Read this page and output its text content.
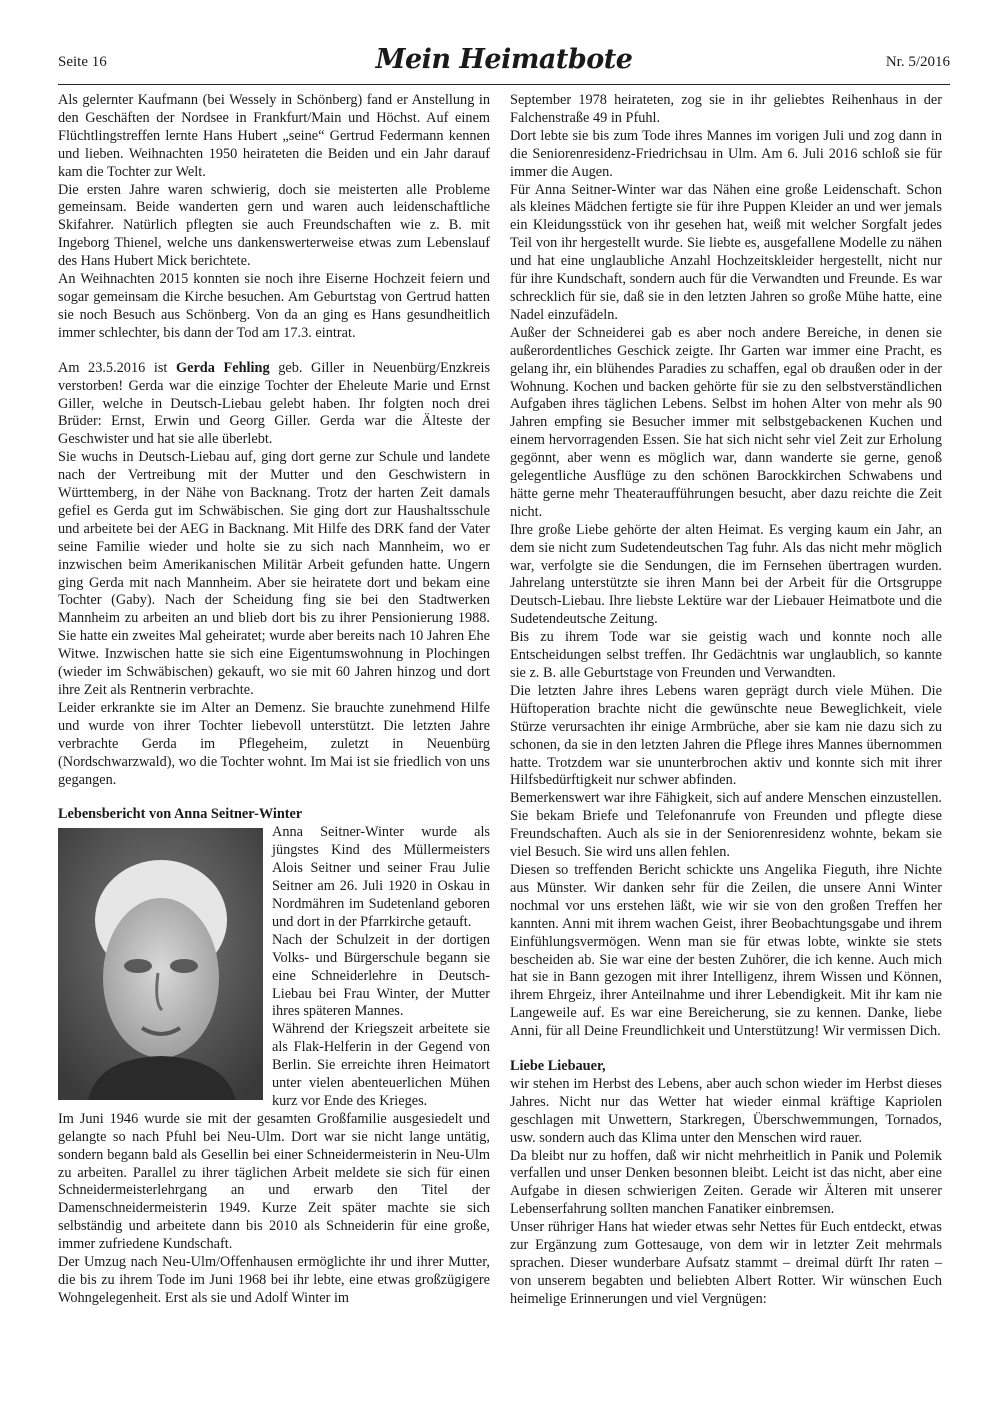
Seite 16	Mein Heimatbote	Nr. 5/2016

Als gelernter Kaufmann (bei Wessely in Schönberg) fand er Anstellung in den Geschäften der Nordsee in Frankfurt/Main und Höchst. Auf einem Flüchtlingstreffen lernte Hans Hubert „seine“ Gertrud Federmann kennen und lieben. Weihnachten 1950 heirateten die Beiden und ein Jahr darauf kam die Tochter zur Welt.

Die ersten Jahre waren schwierig, doch sie meisterten alle Probleme gemeinsam. Beide wanderten gern und waren auch leidenschaftliche Skifahrer. Natürlich pflegten sie auch Freundschaften wie z. B. mit Ingeborg Thienel, welche uns dankenswerterweise etwas zum Lebenslauf des Hans Hubert Mick berichtete.

An Weihnachten 2015 konnten sie noch ihre Eiserne Hochzeit feiern und sogar gemeinsam die Kirche besuchen. Am Geburtstag von Gertrud hatten sie noch Besuch aus Schönberg. Von da an ging es Hans gesundheitlich immer schlechter, bis dann der Tod am 17.3. eintrat.

Am 23.5.2016 ist Gerda Fehling geb. Giller in Neuenbürg/Enzkreis verstorben! Gerda war die einzige Tochter der Eheleute Marie und Ernst Giller, welche in Deutsch-Liebau gelebt haben. Ihr folgten noch drei Brüder: Ernst, Erwin und Georg Giller. Gerda war die Älteste der Geschwister und hat sie alle überlebt.

Sie wuchs in Deutsch-Liebau auf, ging dort gerne zur Schule und landete nach der Vertreibung mit der Mutter und den Geschwistern in Württemberg, in der Nähe von Backnang. Trotz der harten Zeit damals gefiel es Gerda gut im Schwäbischen. Sie ging dort zur Haushaltsschule und arbeitete bei der AEG in Backnang. Mit Hilfe des DRK fand der Vater seine Familie wieder und holte sie zu sich nach Mannheim, wo er inzwischen beim Amerikanischen Militär Arbeit gefunden hatte. Ungern ging Gerda mit nach Mannheim. Aber sie heiratete dort und bekam eine Tochter (Gaby). Nach der Scheidung fing sie bei den Stadtwerken Mannheim zu arbeiten an und blieb dort bis zu ihrer Pensionierung 1988. Sie hatte ein zweites Mal geheiratet; wurde aber bereits nach 10 Jahren Ehe Witwe. Inzwischen hatte sie sich eine Eigentumswohnung in Plochingen (wieder im Schwäbischen) gekauft, wo sie mit 60 Jahren hinzog und dort ihre Zeit als Rentnerin verbrachte.

Leider erkrankte sie im Alter an Demenz. Sie brauchte zunehmend Hilfe und wurde von ihrer Tochter liebevoll unterstützt. Die letzten Jahre verbrachte Gerda im Pflegeheim, zuletzt in Neuenbürg (Nordschwarzwald), wo die Tochter wohnt. Im Mai ist sie friedlich von uns gegangen.

Lebensbericht von Anna Seitner-Winter

Anna Seitner-Winter wurde als jüngstes Kind des Müllermeisters Alois Seitner und seiner Frau Julie Seitner am 26. Juli 1920 in Oskau in Nordmähren im Sudetenland geboren und dort in der Pfarrkirche getauft.

Nach der Schulzeit in der dortigen Volks- und Bürgerschule begann sie eine Schneiderlehre in Deutsch-Liebau bei Frau Winter, der Mutter ihres späteren Mannes.

Während der Kriegszeit arbeitete sie als Flak-Helferin in der Gegend von Berlin. Sie erreichte ihren Heimatort unter vielen abenteuerlichen Mühen kurz vor Ende des Krieges.

Im Juni 1946 wurde sie mit der gesamten Großfamilie ausgesiedelt und gelangte so nach Pfuhl bei Neu-Ulm. Dort war sie nicht lange untätig, sondern begann bald als Gesellin bei einer Schneidermeisterin in Neu-Ulm zu arbeiten. Parallel zu ihrer täglichen Arbeit meldete sie sich für einen Schneidermeisterlehrgang an und erwarb den Titel der Damenschneidermeisterin 1949. Kurze Zeit später machte sie sich selbständig und arbeitete dann bis 2010 als Schneiderin für eine große, immer zufriedene Kundschaft.

Der Umzug nach Neu-Ulm/Offenhausen ermöglichte ihr und ihrer Mutter, die bis zu ihrem Tode im Juni 1968 bei ihr lebte, eine etwas großzügigere Wohngelegenheit. Erst als sie und Adolf Winter im

September 1978 heirateten, zog sie in ihr geliebtes Reihenhaus in der Falchenstraße 49 in Pfuhl.

Dort lebte sie bis zum Tode ihres Mannes im vorigen Juli und zog dann in die Seniorenresidenz-Friedrichsau in Ulm. Am 6. Juli 2016 schloß sie für immer die Augen.

Für Anna Seitner-Winter war das Nähen eine große Leidenschaft. Schon als kleines Mädchen fertigte sie für ihre Puppen Kleider an und wer jemals ein Kleidungsstück von ihr gesehen hat, weiß mit welcher Sorgfalt jedes Teil von ihr hergestellt wurde. Sie liebte es, ausgefallene Modelle zu nähen und hat eine unglaubliche Anzahl Hochzeitskleider hergestellt, nicht nur für ihre Kundschaft, sondern auch für die Verwandten und Freunde. Es war schrecklich für sie, daß sie in den letzten Jahren so große Mühe hatte, eine Nadel einzufädeln.

Außer der Schneiderei gab es aber noch andere Bereiche, in denen sie außerordentliches Geschick zeigte. Ihr Garten war immer eine Pracht, es gelang ihr, ein blühendes Paradies zu schaffen, egal ob draußen oder in der Wohnung. Kochen und backen gehörte für sie zu den selbstverständlichen Aufgaben ihres täglichen Lebens. Selbst im hohen Alter von mehr als 90 Jahren empfing sie Besucher immer mit selbstgebackenen Kuchen und einem hervorragenden Essen. Sie hat sich nicht sehr viel Zeit zur Erholung gegönnt, aber wenn es möglich war, dann wanderte sie gerne, genoß gelegentliche Ausflüge zu den schönen Barockkirchen Schwabens und hätte gerne mehr Theateraufführungen besucht, aber dazu reichte die Zeit nicht.

Ihre große Liebe gehörte der alten Heimat. Es verging kaum ein Jahr, an dem sie nicht zum Sudetendeutschen Tag fuhr. Als das nicht mehr möglich war, verfolgte sie die Sendungen, die im Fernsehen übertragen wurden. Jahrelang unterstützte sie ihren Mann bei der Arbeit für die Ortsgruppe Deutsch-Liebau. Ihre liebste Lektüre war der Liebauer Heimatbote und die Sudetendeutsche Zeitung.

Bis zu ihrem Tode war sie geistig wach und konnte noch alle Entscheidungen selbst treffen. Ihr Gedächtnis war unglaublich, so kannte sie z. B. alle Geburtstage von Freunden und Verwandten.

Die letzten Jahre ihres Lebens waren geprägt durch viele Mühen. Die Hüftoperation brachte nicht die gewünschte neue Beweglichkeit, viele Stürze verursachten ihr einige Armbrüche, aber sie kam nie dazu sich zu schonen, da sie in den letzten Jahren die Pflege ihres Mannes übernommen hatte. Trotzdem war sie ununterbrochen aktiv und konnte sich mit ihrer Hilfsbedürftigkeit nur schwer abfinden.

Bemerkenswert war ihre Fähigkeit, sich auf andere Menschen einzustellen. Sie bekam Briefe und Telefonanrufe von Freunden und pflegte diese Freundschaften. Auch als sie in der Seniorenresidenz wohnte, bekam sie viel Besuch. Sie wird uns allen fehlen.

Diesen so treffenden Bericht schickte uns Angelika Fieguth, ihre Nichte aus Münster. Wir danken sehr für die Zeilen, die unsere Anni Winter nochmal vor uns erstehen läßt, wie wir sie von den großen Treffen her kannten. Anni mit ihrem wachen Geist, ihrer Beobachtungsgabe und ihrem Einfühlungsvermögen. Wenn man sie für etwas lobte, winkte sie stets bescheiden ab. Sie war eine der besten Zuhörer, die ich kenne. Auch mich hat sie in Bann gezogen mit ihrer Intelligenz, ihrem Wissen und Können, ihrem Ehrgeiz, ihrer Anteilnahme und ihrer Lebendigkeit. Mit ihr kam nie Langeweile auf. Es war eine Bereicherung, sie zu kennen. Danke, liebe Anni, für all Deine Freundlichkeit und Unterstützung! Wir vermissen Dich.

Liebe Liebauer,

wir stehen im Herbst des Lebens, aber auch schon wieder im Herbst dieses Jahres. Nicht nur das Wetter hat wieder einmal kräftige Kapriolen geschlagen mit Unwettern, Starkregen, Überschwemmungen, Tornados, usw. sondern auch das Klima unter den Menschen wird rauer.

Da bleibt nur zu hoffen, daß wir nicht mehrheitlich in Panik und Polemik verfallen und unser Denken besonnen bleibt. Leicht ist das nicht, aber eine Aufgabe in diesen schwierigen Zeiten. Gerade wir Älteren mit unserer Lebenserfahrung sollten manchen Fanatiker einbremsen.

Unser rühriger Hans hat wieder etwas sehr Nettes für Euch entdeckt, etwas zur Ergänzung zum Gottesauge, von dem wir in letzter Zeit mehrmals sprachen. Dieser wunderbare Aufsatz stammt – dreimal dürft Ihr raten – von unserem begabten und beliebten Albert Rotter. Wir wünschen Euch heimelige Erinnerungen und viel Vergnügen:
